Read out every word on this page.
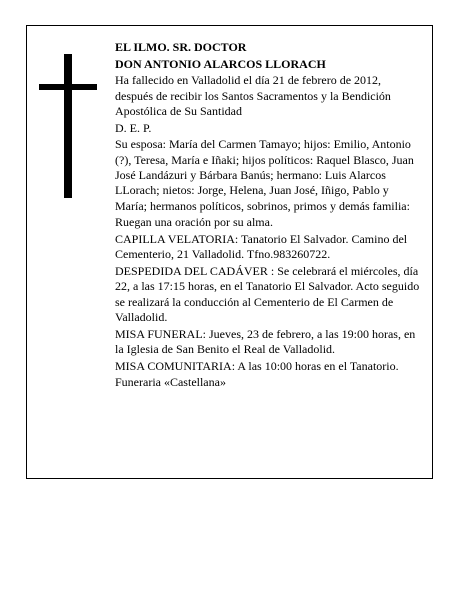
EL ILMO. SR. DOCTOR

DON ANTONIO ALARCOS LLORACH

Ha fallecido en Valladolid el día 21 de febrero de 2012, después de recibir los Santos Sacramentos y la Bendición Apostólica de Su Santidad

D. E. P.

Su esposa: María del Carmen Tamayo; hijos: Emilio, Antonio (?), Teresa, María e Iñaki; hijos políticos: Raquel Blasco, Juan José Landázuri y Bárbara Banús; hermano: Luis Alarcos LLorach; nietos: Jorge, Helena, Juan José, Iñigo, Pablo y María; hermanos políticos, sobrinos, primos y demás familia:

Ruegan una oración por su alma.

CAPILLA VELATORIA: Tanatorio El Salvador. Camino del Cementerio, 21 Valladolid. Tfno.983260722.

DESPEDIDA DEL CADÁVER : Se celebrará el miércoles, día 22, a las 17:15 horas, en el Tanatorio El Salvador. Acto seguido se realizará la conducción al Cementerio de El Carmen de Valladolid.

MISA FUNERAL: Jueves, 23 de febrero, a las 19:00 horas, en la Iglesia de San Benito el Real de Valladolid.

MISA COMUNITARIA: A las 10:00 horas en el Tanatorio.

Funeraria «Castellana»
